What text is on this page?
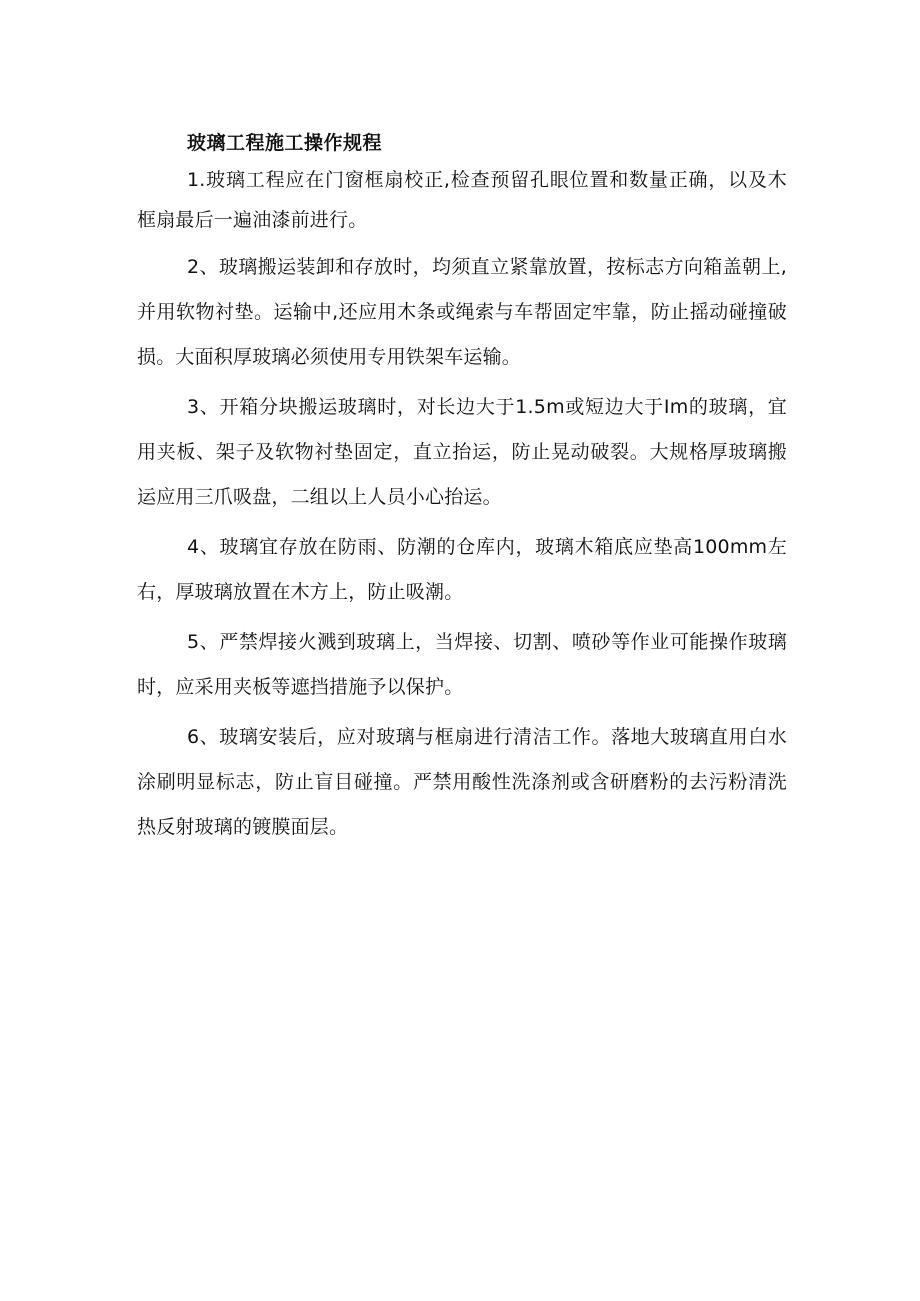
玻璃工程施工操作规程

1.玻璃工程应在门窗框扇校正,检查预留孔眼位置和数量正确，以及木框扇最后一遍油漆前进行。

2、玻璃搬运装卸和存放时，均须直立紧靠放置，按标志方向箱盖朝上,并用软物衬垫。运输中,还应用木条或绳索与车帮固定牢靠，防止摇动碰撞破损。大面积厚玻璃必须使用专用铁架车运输。

3、开箱分块搬运玻璃时，对长边大于1.5m或短边大于Im的玻璃，宜用夹板、架子及软物衬垫固定，直立抬运，防止晃动破裂。大规格厚玻璃搬运应用三爪吸盘，二组以上人员小心抬运。

4、玻璃宜存放在防雨、防潮的仓库内，玻璃木箱底应垫高100mm左右，厚玻璃放置在木方上，防止吸潮。

5、严禁焊接火溅到玻璃上，当焊接、切割、喷砂等作业可能操作玻璃时，应采用夹板等遮挡措施予以保护。

6、玻璃安装后，应对玻璃与框扇进行清洁工作。落地大玻璃直用白水涂刷明显标志，防止盲目碰撞。严禁用酸性洗涤剂或含研磨粉的去污粉清洗热反射玻璃的镀膜面层。
